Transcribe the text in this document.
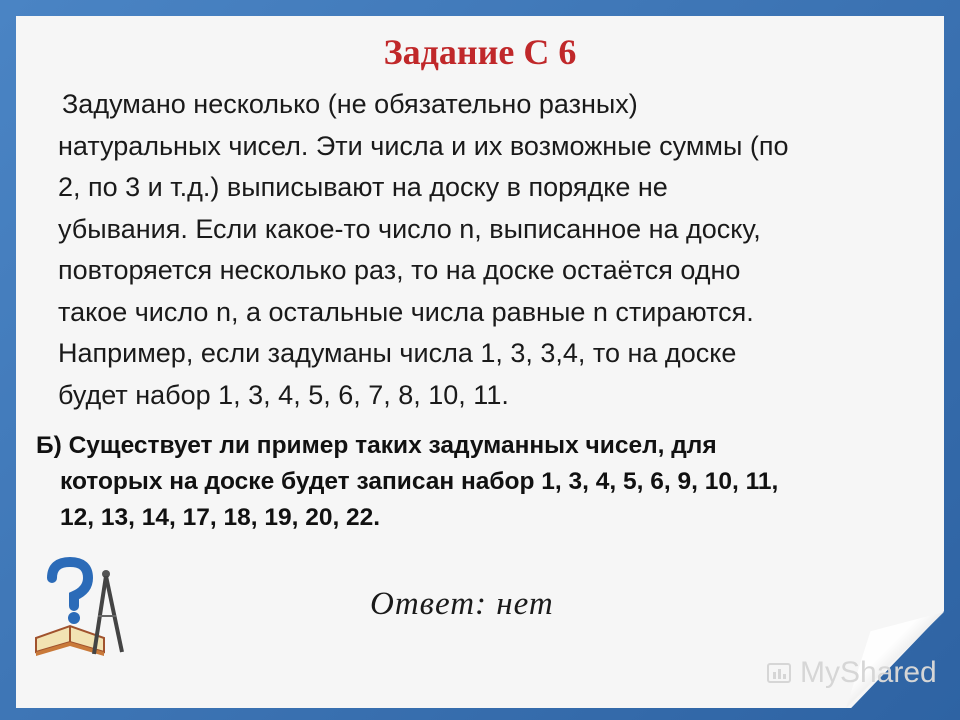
Задание С 6
Задумано несколько (не обязательно разных)
натуральных чисел. Эти числа и их возможные суммы (по
2, по 3 и т.д.) выписывают на доску в порядке не
убывания. Если какое-то число n, выписанное на доску,
повторяется несколько раз, то на доске остаётся одно
такое число n, а остальные числа равные n стираются.
Например, если задуманы числа 1, 3, 3,4, то на доске
будет набор 1, 3, 4, 5, 6, 7, 8, 10, 11.
Б) Существует ли пример таких задуманных чисел, для
которых на доске будет записан набор 1, 3, 4, 5, 6, 9, 10, 11,
12, 13, 14, 17, 18, 19, 20, 22.
Ответ: нет
MyShared
